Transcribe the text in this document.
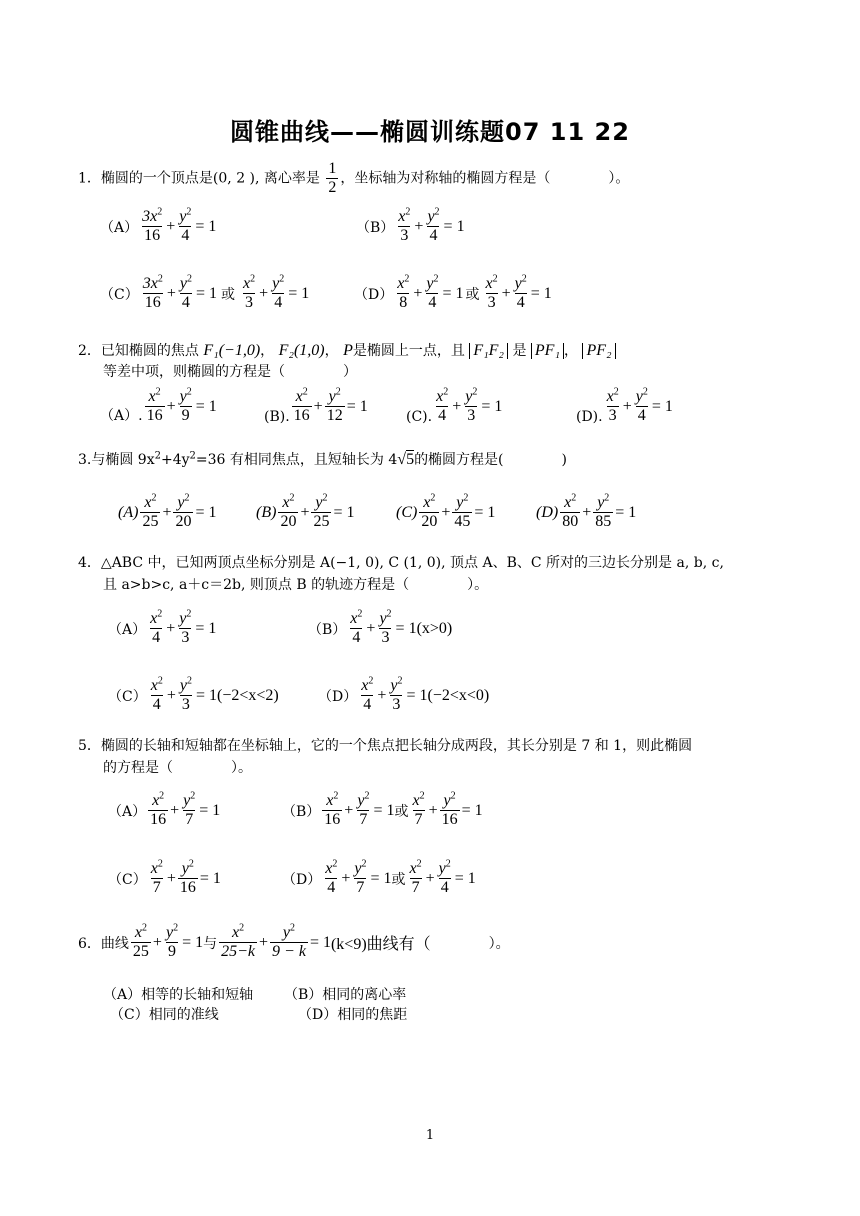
圆锥曲线——椭圆训练题07 11 22
1．椭圆的一个顶点是(0, 2 ), 离心率是 $\frac{1}{2}$ ，坐标轴为对称轴的椭圆方程是（	）。
$(A) \frac{3x^2}{16} + \frac{y^2}{4} = 1$	$(B) \frac{x^2}{3} + \frac{y^2}{4} = 1$
$(C) \frac{3x^2}{16} + \frac{y^2}{4} = 1$ 或 $\frac{x^2}{3} + \frac{y^2}{4} = 1$	$(D) \frac{x^2}{8} + \frac{y^2}{4} = 1$ 或 $\frac{x^2}{3} + \frac{y^2}{4} = 1$
2．已知椭圆的焦点 F₁(−1,0)， F₂(1,0)， P是椭圆上一点，且 F₁F₂ 是 PF₁ ， PF₂
等差中项，则椭圆的方程是（	）
（A）. $\frac{x^2}{16} + \frac{y^2}{9} = 1$
(B). $\frac{x^2}{16} + \frac{y^2}{12} = 1$
(C). $\frac{x^2}{4} + \frac{y^2}{3} = 1$
(D). $\frac{x^2}{3} + \frac{y^2}{4} = 1$
3.与椭圆 $9x^2+4y^2=36$ 有相同焦点，且短轴长为 4√5的椭圆方程是(	)
$(A) \frac{x^2}{25} + \frac{y^2}{20} = 1$ $(B) \frac{x^2}{20} + \frac{y^2}{25} = 1$	$(C) \frac{x^2}{20} + \frac{y^2}{45} = 1$	$(D) \frac{x^2}{80} + \frac{y^2}{85} = 1$
4．△ABC 中，已知两顶点坐标分别是 A(−1, 0), C (1, 0), 顶点 A、B、C 所对的三边长分别是 a, b, c,
且 a>b>c, a＋c＝2b, 则顶点 B 的轨迹方程是（	）。
$(A) \frac{x^2}{4} + \frac{y^2}{3} = 1$	$(B) \frac{x^2}{4} + \frac{y^2}{3} = 1$ (x>0)
$(C) \frac{x^2}{4} + \frac{y^2}{3} = 1$ (−2<x<2)	$(D) \frac{x^2}{4} + \frac{y^2}{3} = 1$ (−2<x<0)
5．椭圆的长轴和短轴都在坐标轴上，它的一个焦点把长轴分成两段，其长分别是 7 和 1，则此椭圆
的方程是（	）。
$(A) \frac{x^2}{16} + \frac{y^2}{7} = 1$	$(B) \frac{x^2}{16} + \frac{y^2}{7} = 1$ 或 $\frac{x^2}{7} + \frac{y^2}{16} = 1$
$(C) \frac{x^2}{7} + \frac{y^2}{16} = 1$	$(D) \frac{x^2}{4} + \frac{y^2}{7} = 1$ 或 $\frac{x^2}{7} + \frac{y^2}{4} = 1$
6． 曲线 $\frac{x^2}{25} + \frac{y^2}{9} = 1$ 与 $\frac{x^2}{25-k} + \frac{y^2}{9 - k} = 1$ (k<9)曲线有（	）。
（A）相等的长轴和短轴 （B）相同的离心率
（C）相同的准线	（D）相同的焦距
1
